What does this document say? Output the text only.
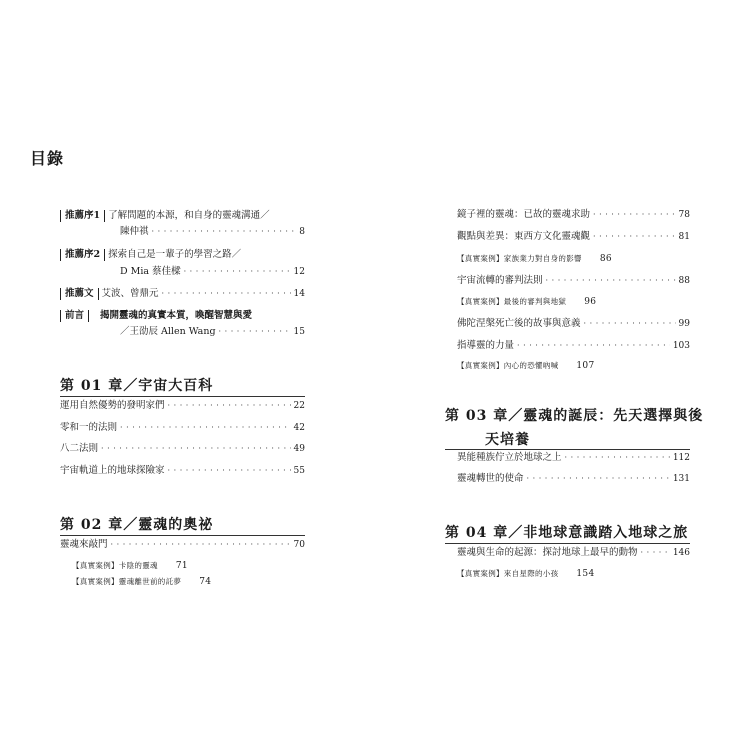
目錄
推薦序1 了解問題的本源，和自身的靈魂溝通／
陳仲祺 · · ·	8
推薦序2 探索自己是一輩子的學習之路／
D Mia 蔡佳樑 · · ·	12
推薦文 艾波、曾鼎元 · · ·	14
前言 揭開靈魂的真實本質，喚醒智慧與愛
／王劭辰 Allen Wang · · ·	15
第 01 章／宇宙大百科
運用自然優勢的發明家們 · · ·	22
零和一的法則 · · ·	42
八二法則 · · ·	49
宇宙軌道上的地球探險家 · · ·	55
第 02 章／靈魂的奧祕
靈魂來敲門 · · ·	70
【真實案例】卡陰的靈魂 71
【真實案例】靈魂離世前的託夢 74
鏡子裡的靈魂：已故的靈魂求助 · · ·	78
觀點與差異：東西方文化靈魂觀 · · ·	81
【真實案例】家族業力對自身的影響 86
宇宙流轉的審判法則 · · ·	88
【真實案例】最後的審判與地獄 96
佛陀涅槃死亡後的故事與意義 · · ·	99
指導靈的力量 · · ·	103
【真實案例】內心的恐懼吶喊 107
第 03 章／靈魂的誕辰：先天選擇與後
天培養
異能種族佇立於地球之上 · · ·	112
靈魂轉世的使命 · · ·	131
第 04 章／非地球意識踏入地球之旅
靈魂與生命的起源：探討地球上最早的動物 · · ·	146
【真實案例】來自星際的小孩 154
